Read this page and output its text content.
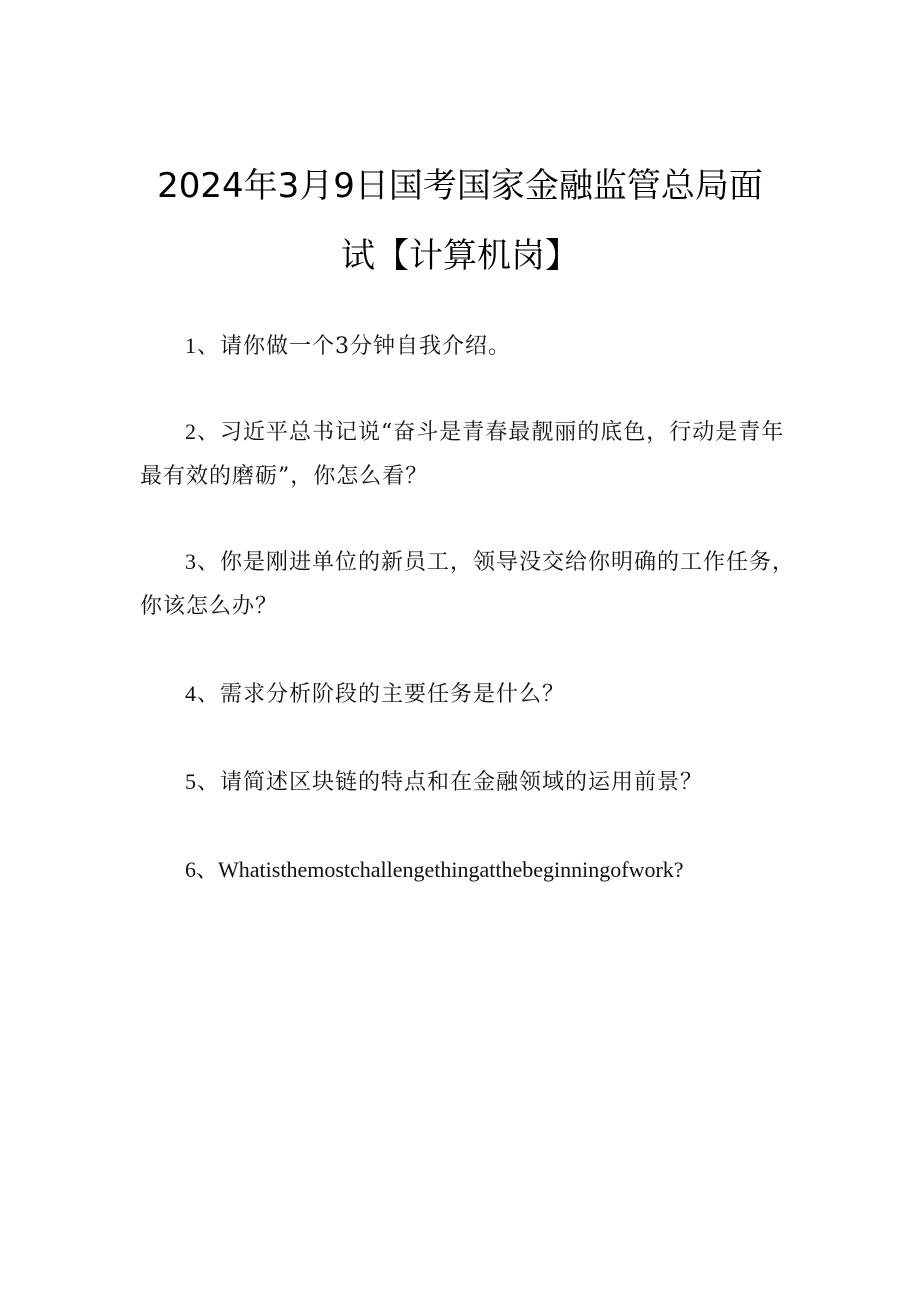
2024年3月9日国考国家金融监管总局面
试【计算机岗】
1、请你做一个3分钟自我介绍。
2、习近平总书记说“奋斗是青春最靓丽的底色，行动是青年最有效的磨砺”，你怎么看？
3、你是刚进单位的新员工，领导没交给你明确的工作任务，你该怎么办？
4、需求分析阶段的主要任务是什么？
5、请简述区块链的特点和在金融领域的运用前景？
6、Whatisthemostchallengethingatthebeginningofwork?
